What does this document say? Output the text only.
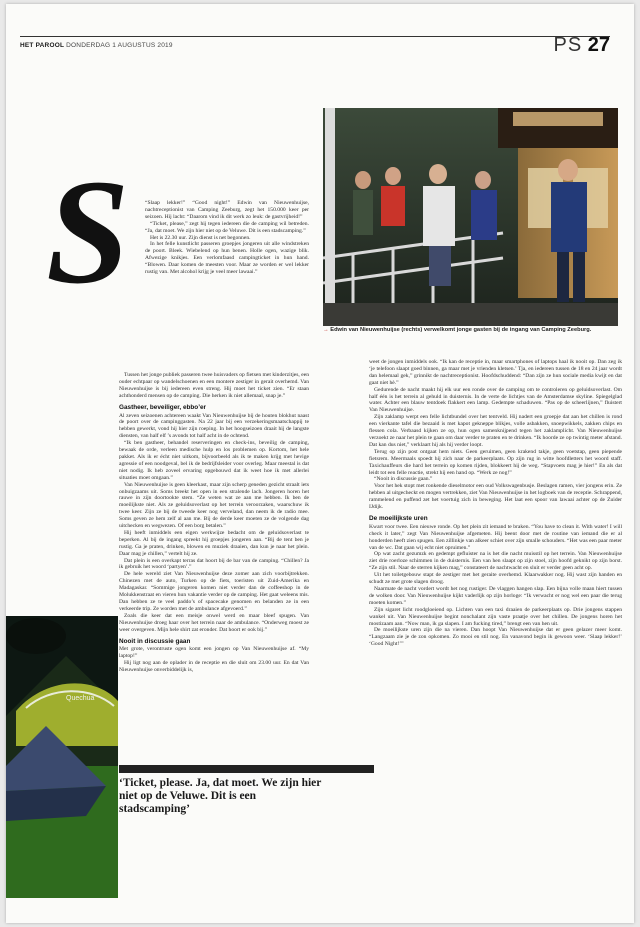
HET PAROOL DONDERDAG 1 AUGUSTUS 2019	PS 27
S
→ Edwin van Nieuwenhuijse (rechts) verwelkomt jonge gasten bij de ingang van Camping Zeeburg.

“Slaap lekker!” “Good night!” Edwin van Nieuwenhuijse, nachtreceptionist van Camping Zeeburg, zegt het 150.000 keer per seizoen. Hij lacht: “Daarom vind ik dit werk zo leuk: de gastvrijheid!”

“Ticket, please,” zegt hij tegen iedereen die de camping wil betreden. “Ja, dat moet. We zijn hier niet op de Veluwe. Dit is een stadscamping.”

Het is 22.30 uur. Zijn dienst is net begonnen.

In het felle kunstlicht passeren groepjes jongeren uit alle windstreken de poort. Bleek. Wiebelend op hun benen. Holle ogen, wazige blik. Afwezige knikjes. Een verlomfaasd campingticket in hun hand. “Blowen. Daar komen de meesten voor. Maar ze worden er wel lekker rustig van. Met alcohol krijg je veel meer lawaai.”

Tussen het jonge publiek passeren twee huisvaders op fietsen met kinderzitjes, een ouder echtpaar op wandelschoenen en een montere zestiger in gerait overhemd. Van Nieuwenhuijse is bij iedereen even streng. Hij moet het ticket zien. “Er staan achthonderd mensen op de camping. Die herken ik niet allemaal, snap je.”

Gastheer, beveiliger, ebbo’er

Al zeven seizoenen achtereen waakt Van Nieuwenhuijse bij de houten blokhut naast de poort over de campinggasten. Na 22 jaar bij een verzekeringsmaatschappij te hebben gewerkt, vond hij hier zijn roeping. In het hoogseizoen draait hij de langste diensten, van half elf ’s avonds tot half acht in de ochtend.

“Ik ben gastheer, behandel reserveringen en check-ins, beveilig de camping, bewaak de orde, verleen medische hulp en los problemen op. Kortom, het hele pakket. Als ik er écht niet uitkom, bijvoorbeeld als ik te maken krijg met hevige agressie of een noodgeval, bel ik de bedrijfsleider voor overleg. Maar meestal is dat niet nodig. Ik heb zoveel ervaring opgebouwd dat ik weet hoe ik met allerlei situaties moet omgaan.”

Van Nieuwenhuijse is geen kleerkast, maar zijn scherp geneden gezicht straalt iets onbuigzaams uit. Soms breekt het open in een stralende lach. Jongeren horen het rauwe in zijn doortookte stem. “Ze weten wat ze aan me hebben. Ik ben de moeilijkste niet. Als ze geluidsoverlast op het terrein veroorzaken, waarschuw ik twee keer. Zijn ze bij de tweede keer nog verveland, dan neem ik de radio mee. Soms geven ze hem zelf al aan me. Bij de derde keer moeten ze de volgende dag uitchecken en wegwezen. Of een borg betalen.”

Hij heeft inmiddels een eigen werkwijze bedacht om de geluidsoverlast te beperken. Al bij de ingang spreekt hij groepjes jongeren aan. “Bij de tent ben je rustig. Ga je praten, drinken, blowen en muziek draaien, dan kun je naar het plein. Daar mag je chillen,” vertelt hij ze.

Dat plein is een overkapt terras dat hoort bij de bar van de camping. “Chillen? Ja ik gebruik het woord ‘partyen’.”

De hele wereld ziet Van Nieuwenhuijse deze zomer aan zich voorbijtrekken. Chinezen met de auto, Turken op de fiets, toeristen uit Zuid-Amerika en Madagaskar. “Sommige jongeren komen niet verder dan de coffeeshop in de Molukkenstraat en vieren hun vakantie verder op de camping. Het gaat weleens mis. Dan hebben ze te veel paddo’s of spacecake genomen en belanden ze in een verkeerde trip. Ze worden met de ambulance afgevoerd.”

Zoals die keer dat een meisje onwel werd en maar bleef spugen. Van Nieuwenhuijse droeg haar over het terrein naar de ambulance. “Onderweg moest ze weer overgeven. Mijn hele shirt zat eronder. Dat hoort er ook bij.”

Nooit in discussie gaan

Met grote, verontruste ogen komt een jongen op Van Nieuwenhuijse af. “My laptop!”

Hij ligt nog aan de oplader in de receptie en die sluit om 23.00 uur. En dat Van Nieuwenhuijse onverbiddelijk is,

weet de jongen inmiddels ook. “Ik kan de receptie in, maar smartphones of laptops haal ik nooit op. Dan zeg ik ‘je telefoon slaapt goed binnen, ga maar met je vrienden kletsen.’ Tja, en iedereen tussen de 18 en 24 jaar wordt dan helemaal gek,” grinnikt de nachtreceptionist. Hoofdschuddend: “Dan zijn ze hun sociale media kwijt en dat gaat niet hè.”

Gedurende de nacht maakt hij elk uur een ronde over de camping om te controleren op geluidsoverlast. Om half één is het terrein al gehuld in duisternis. In de verte de lichtjes van de Amsterdamse skyline. Spiegelglad water. Achter een blauw tentdoek flakkert een lamp. Gedempte schaduwen. “Pas op de scheerlijnen,” fluistert Van Nieuwenhuijse.

Zijn zaklamp werpt een felle lichtbundel over het tentveld. Hij nadert een groepje dat aan het chillen is rond een vierkante tafel die bezaaid is met kapot gekneppe blikjes, volle asbakken, snoepwikkels, zakken chips en flessen cola. Verbaasd kijken ze op, hun ogen samenknijpend tegen het zaklamplicht. Van Nieuwenhuijse verzoekt ze naar het plein te gaan om daar verder te praten en te drinken. “Ik hoorde ze op twintig meter afstand. Dat kan dus niet,” verklaart hij als hij verder loopt.

Terug op zijn post ontgaat hem niets. Geen geruimen, geen krakend takje, geen voetstap, geen piepende fietsrem. Meermaals spoedt hij zich naar de parkeerplaats. Op zijn rug in witte hoofdletters het woord staff. Taxichauffeurs die hard het terrein op komen rijden, blokkeert hij de weg. “Stapvoets mag je hier!” En als dat leidt tot een felle reactie, strekt hij een hand op. “Werk ze nog!”

“Nooit in discussie gaan.”

Voor het hek stopt met ronkende dieselmotor een oud Volkswagenbusje. Beslagen ramen, vier jongens erin. Ze hebben al uitgecheckt en mogen vertrekken, ziet Van Nieuwenhuijse in het logboek van de receptie. Schrappend, rammelend en puffend zet het voertuig zich in beweging. Het laat een spoor van lawaai achter op de Zuider IJdijk.

De moeilijkste uren

Kwart voor twee. Een nieuwe ronde. Op het plein zit iemand te braken. “You have to clean it. With water! I will check it later,” zegt Van Nieuwenhuijse afgemeten. Hij beent door met de routine van iemand die er al honderden heeft zien spugen. Een zillinkje van alkeer schiet over zijn smalle schouders. “Het was een paar meter van de wc. Dat gaan wij echt niet opruimen.”

Op wat zacht gezumzk en gedempt gefluister na is het die nacht muisstil op het terrein. Van Nieuwenhuijse ziet drie roerloze schimmen in de duisternis. Een van hen slaapt op zijn stoel, zijn hoofd geknikt op zijn borst. “Ze zijn stil. Naar de sterren kijken mag,” constateert de nachtwacht en sluit er verder geen acht op.

Uit het toiletgebouw stapt de zestiger met het geraite overhemd. Klaarwakker nog. Hij wast zijn handen en schudt ze met grote slagen droog.

Naarmate de nacht vordert wordt het nog rustiger. De vlaggen hangen slap. Een bijna volle maan hiert tussen de wolken door. Van Nieuwenhuijse kijkt vaderlijk op zijn horloge: “Ik verwacht er nog wel een paar die terug moeten komen.”

Zijn sigaret licht roodgloeiend op. Lichten van een taxi draaien de parkeerplaats op. Drie jongens stappen wankel uit. Van Nieuwenhuijse begint nonchalant zijn vaste praatje over het chillen. De jongens horen het mostizaam aan. “Now man, ik ga slapen. I am fucking tired,” brengt een van hen uit.

De moeilijkste uren zijn die na vieren. Dan hoopt Van Nieuwenhuijse dat er geen gelazer meer komt. “Langzaam zie je de zon opkomen. Zo mooi en stil nog. En vanavond begin ik gewoon weer. ‘Slaap lekker!’ ‘Good Night!’”

Quechua
‘Ticket, please. Ja, dat moet. We zijn hier niet op de Veluwe. Dit is een stadscamping’
